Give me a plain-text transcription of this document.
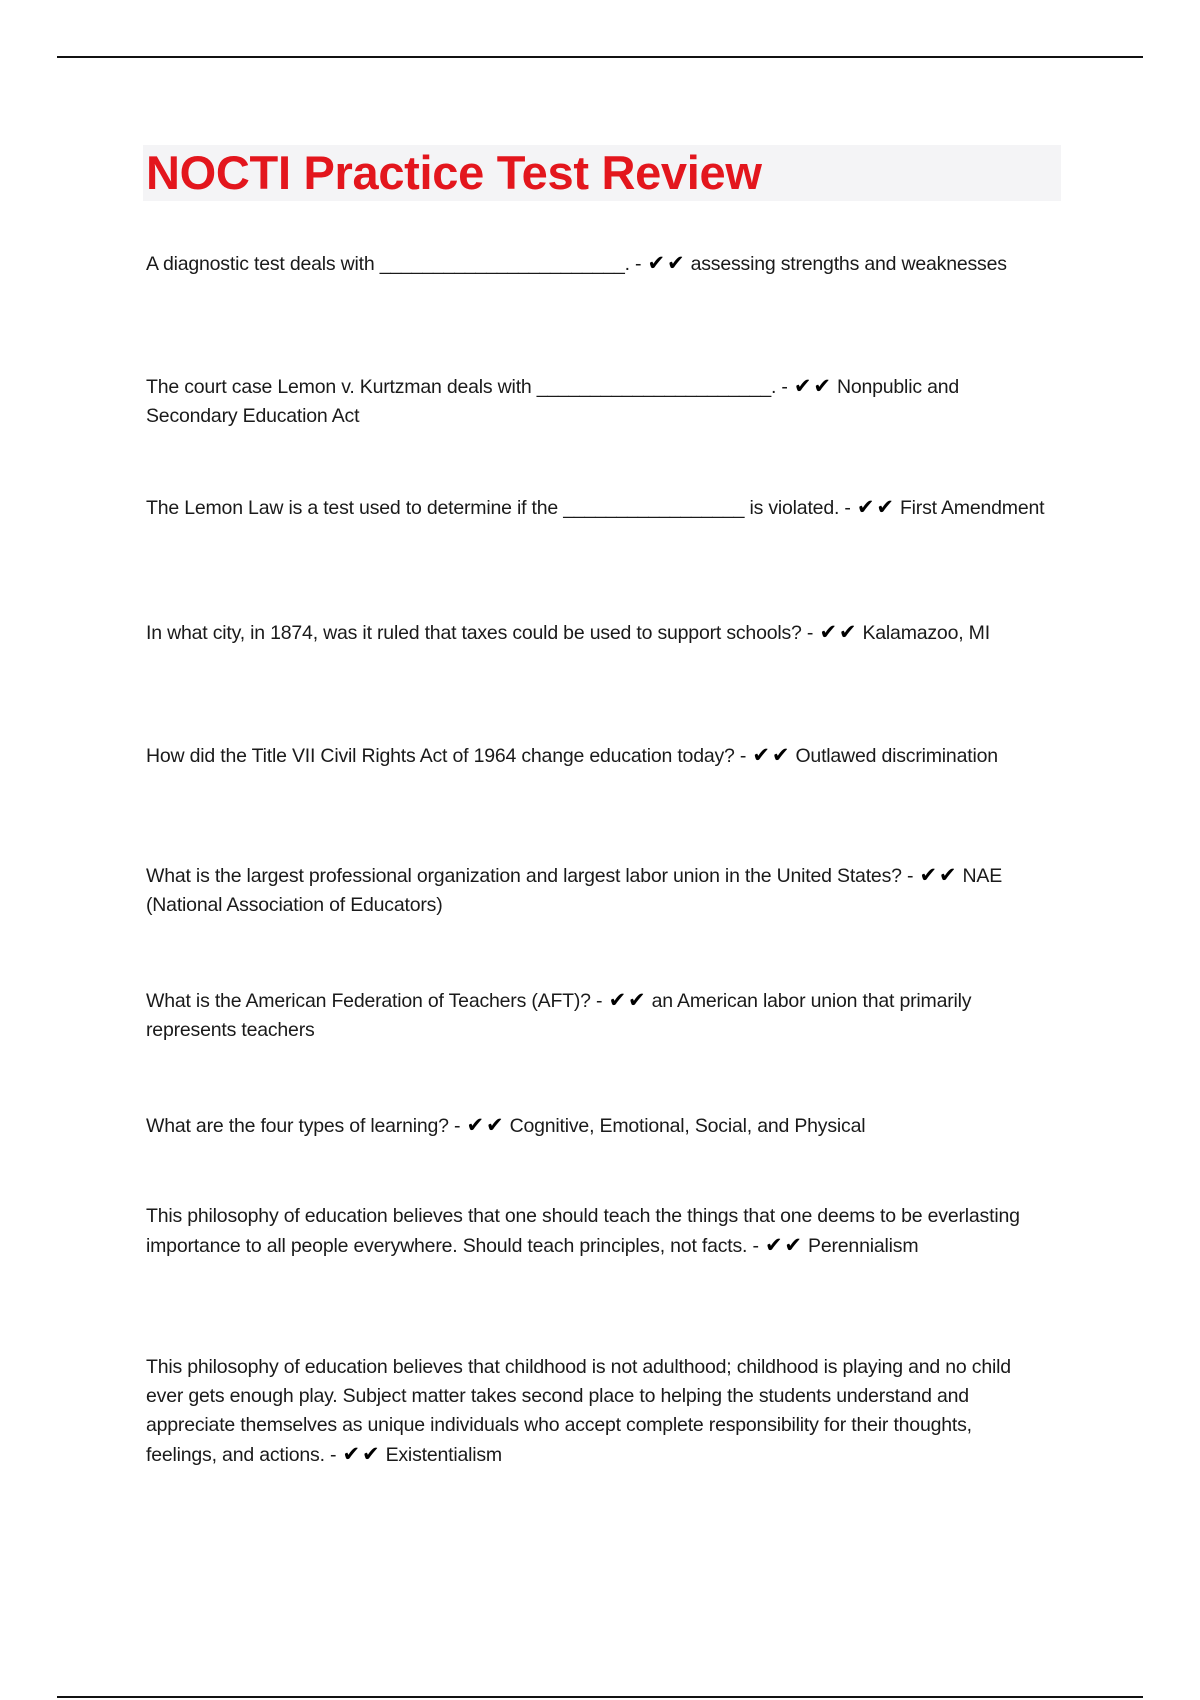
NOCTI Practice Test Review

A diagnostic test deals with _______________________. - ✔✔ assessing strengths and weaknesses

The court case Lemon v. Kurtzman deals with ______________________. - ✔✔ Nonpublic and Secondary Education Act

The Lemon Law is a test used to determine if the _________________ is violated. - ✔✔ First Amendment

In what city, in 1874, was it ruled that taxes could be used to support schools? - ✔✔ Kalamazoo, MI

How did the Title VII Civil Rights Act of 1964 change education today? - ✔✔ Outlawed discrimination

What is the largest professional organization and largest labor union in the United States? - ✔✔ NAE (National Association of Educators)

What is the American Federation of Teachers (AFT)? - ✔✔ an American labor union that primarily represents teachers

What are the four types of learning? - ✔✔ Cognitive, Emotional, Social, and Physical

This philosophy of education believes that one should teach the things that one deems to be everlasting importance to all people everywhere. Should teach principles, not facts. - ✔✔ Perennialism

This philosophy of education believes that childhood is not adulthood; childhood is playing and no child ever gets enough play. Subject matter takes second place to helping the students understand and appreciate themselves as unique individuals who accept complete responsibility for their thoughts, feelings, and actions. - ✔✔ Existentialism
